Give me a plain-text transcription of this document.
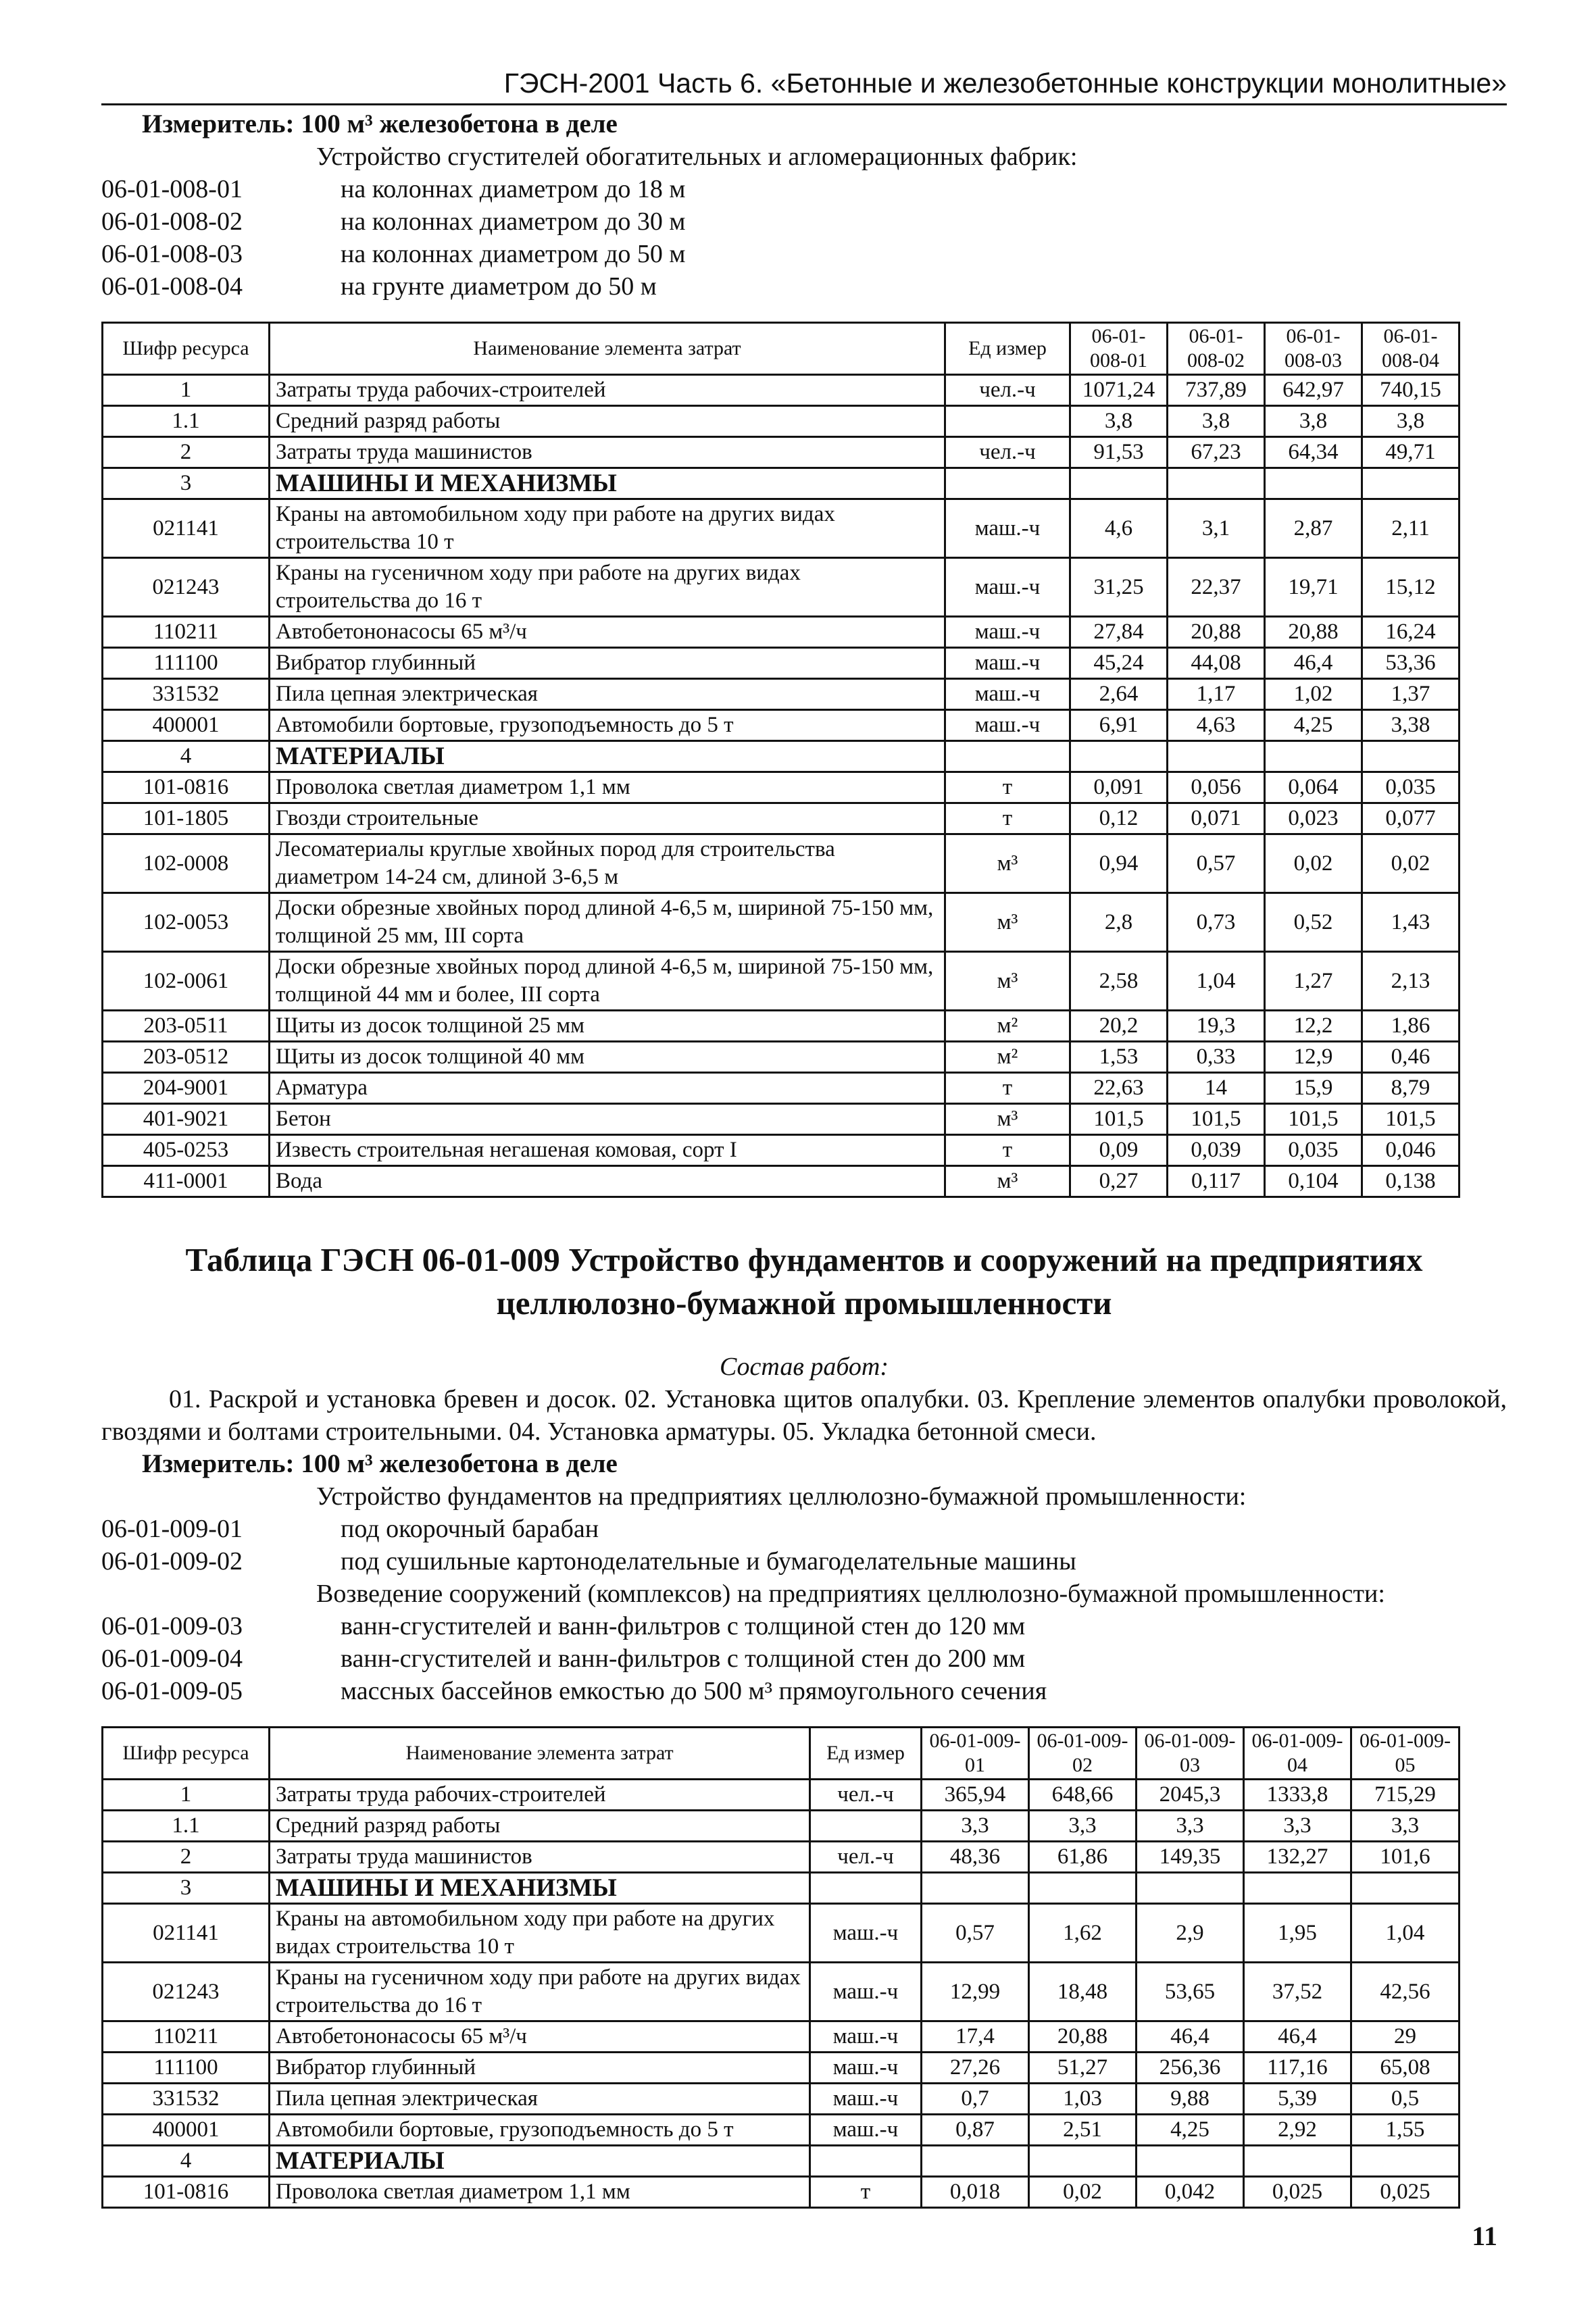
ГЭСН-2001 Часть 6. «Бетонные и железобетонные конструкции монолитные»
Измеритель: 100 м³ железобетона в деле
Устройство сгустителей обогатительных и агломерационных фабрик:
06-01-008-01	на колоннах диаметром до 18 м
06-01-008-02	на колоннах диаметром до 30 м
06-01-008-03	на колоннах диаметром до 50 м
06-01-008-04	на грунте диаметром до 50 м
Шифр ресурса	Наименование элемента затрат	Ед измер	06-01-008-01	06-01-008-02	06-01-008-03	06-01-008-04
1	Затраты труда рабочих-строителей	чел.-ч	1071,24	737,89	642,97	740,15
1.1	Средний разряд работы		3,8	3,8	3,8	3,8
2	Затраты труда машинистов	чел.-ч	91,53	67,23	64,34	49,71
3	МАШИНЫ И МЕХАНИЗМЫ					
021141	Краны на автомобильном ходу при работе на других видах строительства 10 т	маш.-ч	4,6	3,1	2,87	2,11
021243	Краны на гусеничном ходу при работе на других видах строительства до 16 т	маш.-ч	31,25	22,37	19,71	15,12
110211	Автобетононасосы 65 м³/ч	маш.-ч	27,84	20,88	20,88	16,24
111100	Вибратор глубинный	маш.-ч	45,24	44,08	46,4	53,36
331532	Пила цепная электрическая	маш.-ч	2,64	1,17	1,02	1,37
400001	Автомобили бортовые, грузоподъемность до 5 т	маш.-ч	6,91	4,63	4,25	3,38
4	МАТЕРИАЛЫ					
101-0816	Проволока светлая диаметром 1,1 мм	т	0,091	0,056	0,064	0,035
101-1805	Гвозди строительные	т	0,12	0,071	0,023	0,077
102-0008	Лесоматериалы круглые хвойных пород для строительства диаметром 14-24 см, длиной 3-6,5 м	м³	0,94	0,57	0,02	0,02
102-0053	Доски обрезные хвойных пород длиной 4-6,5 м, шириной 75-150 мм, толщиной 25 мм, III сорта	м³	2,8	0,73	0,52	1,43
102-0061	Доски обрезные хвойных пород длиной 4-6,5 м, шириной 75-150 мм, толщиной 44 мм и более, III сорта	м³	2,58	1,04	1,27	2,13
203-0511	Щиты из досок толщиной 25 мм	м²	20,2	19,3	12,2	1,86
203-0512	Щиты из досок толщиной 40 мм	м²	1,53	0,33	12,9	0,46
204-9001	Арматура	т	22,63	14	15,9	8,79
401-9021	Бетон	м³	101,5	101,5	101,5	101,5
405-0253	Известь строительная негашеная комовая, сорт I	т	0,09	0,039	0,035	0,046
411-0001	Вода	м³	0,27	0,117	0,104	0,138
Таблица ГЭСН 06-01-009 Устройство фундаментов и сооружений на предприятиях целлюлозно-бумажной промышленности
Состав работ:
01. Раскрой и установка бревен и досок. 02. Установка щитов опалубки. 03. Крепление элементов опалубки проволокой, гвоздями и болтами строительными. 04. Установка арматуры. 05. Укладка бетонной смеси.
Измеритель: 100 м³ железобетона в деле
Устройство фундаментов на предприятиях целлюлозно-бумажной промышленности:
06-01-009-01	под окорочный барабан
06-01-009-02	под сушильные картоноделательные и бумагоделательные машины
Возведение сооружений (комплексов) на предприятиях целлюлозно-бумажной промышленности:
06-01-009-03	ванн-сгустителей и ванн-фильтров с толщиной стен до 120 мм
06-01-009-04	ванн-сгустителей и ванн-фильтров с толщиной стен до 200 мм
06-01-009-05	массных бассейнов емкостью до 500 м³ прямоугольного сечения
Шифр ресурса	Наименование элемента затрат	Ед измер	06-01-009-01	06-01-009-02	06-01-009-03	06-01-009-04	06-01-009-05
1	Затраты труда рабочих-строителей	чел.-ч	365,94	648,66	2045,3	1333,8	715,29
1.1	Средний разряд работы		3,3	3,3	3,3	3,3	3,3
2	Затраты труда машинистов	чел.-ч	48,36	61,86	149,35	132,27	101,6
3	МАШИНЫ И МЕХАНИЗМЫ						
021141	Краны на автомобильном ходу при работе на других видах строительства 10 т	маш.-ч	0,57	1,62	2,9	1,95	1,04
021243	Краны на гусеничном ходу при работе на других видах строительства до 16 т	маш.-ч	12,99	18,48	53,65	37,52	42,56
110211	Автобетононасосы 65 м³/ч	маш.-ч	17,4	20,88	46,4	46,4	29
111100	Вибратор глубинный	маш.-ч	27,26	51,27	256,36	117,16	65,08
331532	Пила цепная электрическая	маш.-ч	0,7	1,03	9,88	5,39	0,5
400001	Автомобили бортовые, грузоподъемность до 5 т	маш.-ч	0,87	2,51	4,25	2,92	1,55
4	МАТЕРИАЛЫ						
101-0816	Проволока светлая диаметром 1,1 мм	т	0,018	0,02	0,042	0,025	0,025
11
